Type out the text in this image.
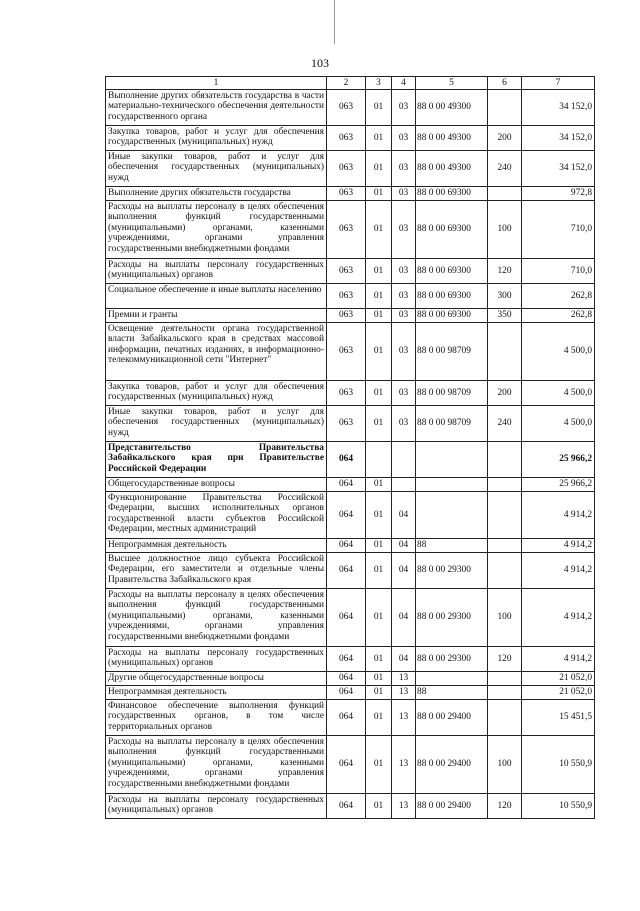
103
1	2	3	4	5	6	7
Выполнение других обязательств государства в части материально-технического обеспечения деятельности государственного органа	063	01	03	88 0 00 49300		34 152,0
Закупка товаров, работ и услуг для обеспечения государственных (муниципальных) нужд	063	01	03	88 0 00 49300	200	34 152,0
Иные закупки товаров, работ и услуг для обеспечения государственных (муниципальных) нужд	063	01	03	88 0 00 49300	240	34 152,0
Выполнение других обязательств государства	063	01	03	88 0 00 69300		972,8
Расходы на выплаты персоналу в целях обеспечения выполнения функций государственными (муниципальными) органами, казенными учреждениями, органами управления государственными внебюджетными фондами	063	01	03	88 0 00 69300	100	710,0
Расходы на выплаты персоналу государственных (муниципальных) органов	063	01	03	88 0 00 69300	120	710,0
Социальное обеспечение и иные выплаты населению	063	01	03	88 0 00 69300	300	262,8
Премии и гранты	063	01	03	88 0 00 69300	350	262,8
Освещение деятельности органа государственной власти Забайкальского края в средствах массовой информации, печатных изданиях, в информационно-телекоммуникационной сети "Интернет"	063	01	03	88 0 00 98709		4 500,0
Закупка товаров, работ и услуг для обеспечения государственных (муниципальных) нужд	063	01	03	88 0 00 98709	200	4 500,0
Иные закупки товаров, работ и услуг для обеспечения государственных (муниципальных) нужд	063	01	03	88 0 00 98709	240	4 500,0
Представительство Правительства Забайкальского края при Правительстве Российской Федерации	064					25 966,2
Общегосударственные вопросы	064	01				25 966,2
Функционирование Правительства Российской Федерации, высших исполнительных органов государственной власти субъектов Российской Федерации, местных администраций	064	01	04			4 914,2
Непрограммная деятельность	064	01	04	88		4 914,2
Высшее должностное лицо субъекта Российской Федерации, его заместители и отдельные члены Правительства Забайкальского края	064	01	04	88 0 00 29300		4 914,2
Расходы на выплаты персоналу в целях обеспечения выполнения функций государственными (муниципальными) органами, казенными учреждениями, органами управления государственными внебюджетными фондами	064	01	04	88 0 00 29300	100	4 914,2
Расходы на выплаты персоналу государственных (муниципальных) органов	064	01	04	88 0 00 29300	120	4 914,2
Другие общегосударственные вопросы	064	01	13			21 052,0
Непрограммная деятельность	064	01	13	88		21 052,0
Финансовое обеспечение выполнения функций государственных органов, в том числе территориальных органов	064	01	13	88 0 00 29400		15 451,5
Расходы на выплаты персоналу в целях обеспечения выполнения функций государственными (муниципальными) органами, казенными учреждениями, органами управления государственными внебюджетными фондами	064	01	13	88 0 00 29400	100	10 550,9
Расходы на выплаты персоналу государственных (муниципальных) органов	064	01	13	88 0 00 29400	120	10 550,9
